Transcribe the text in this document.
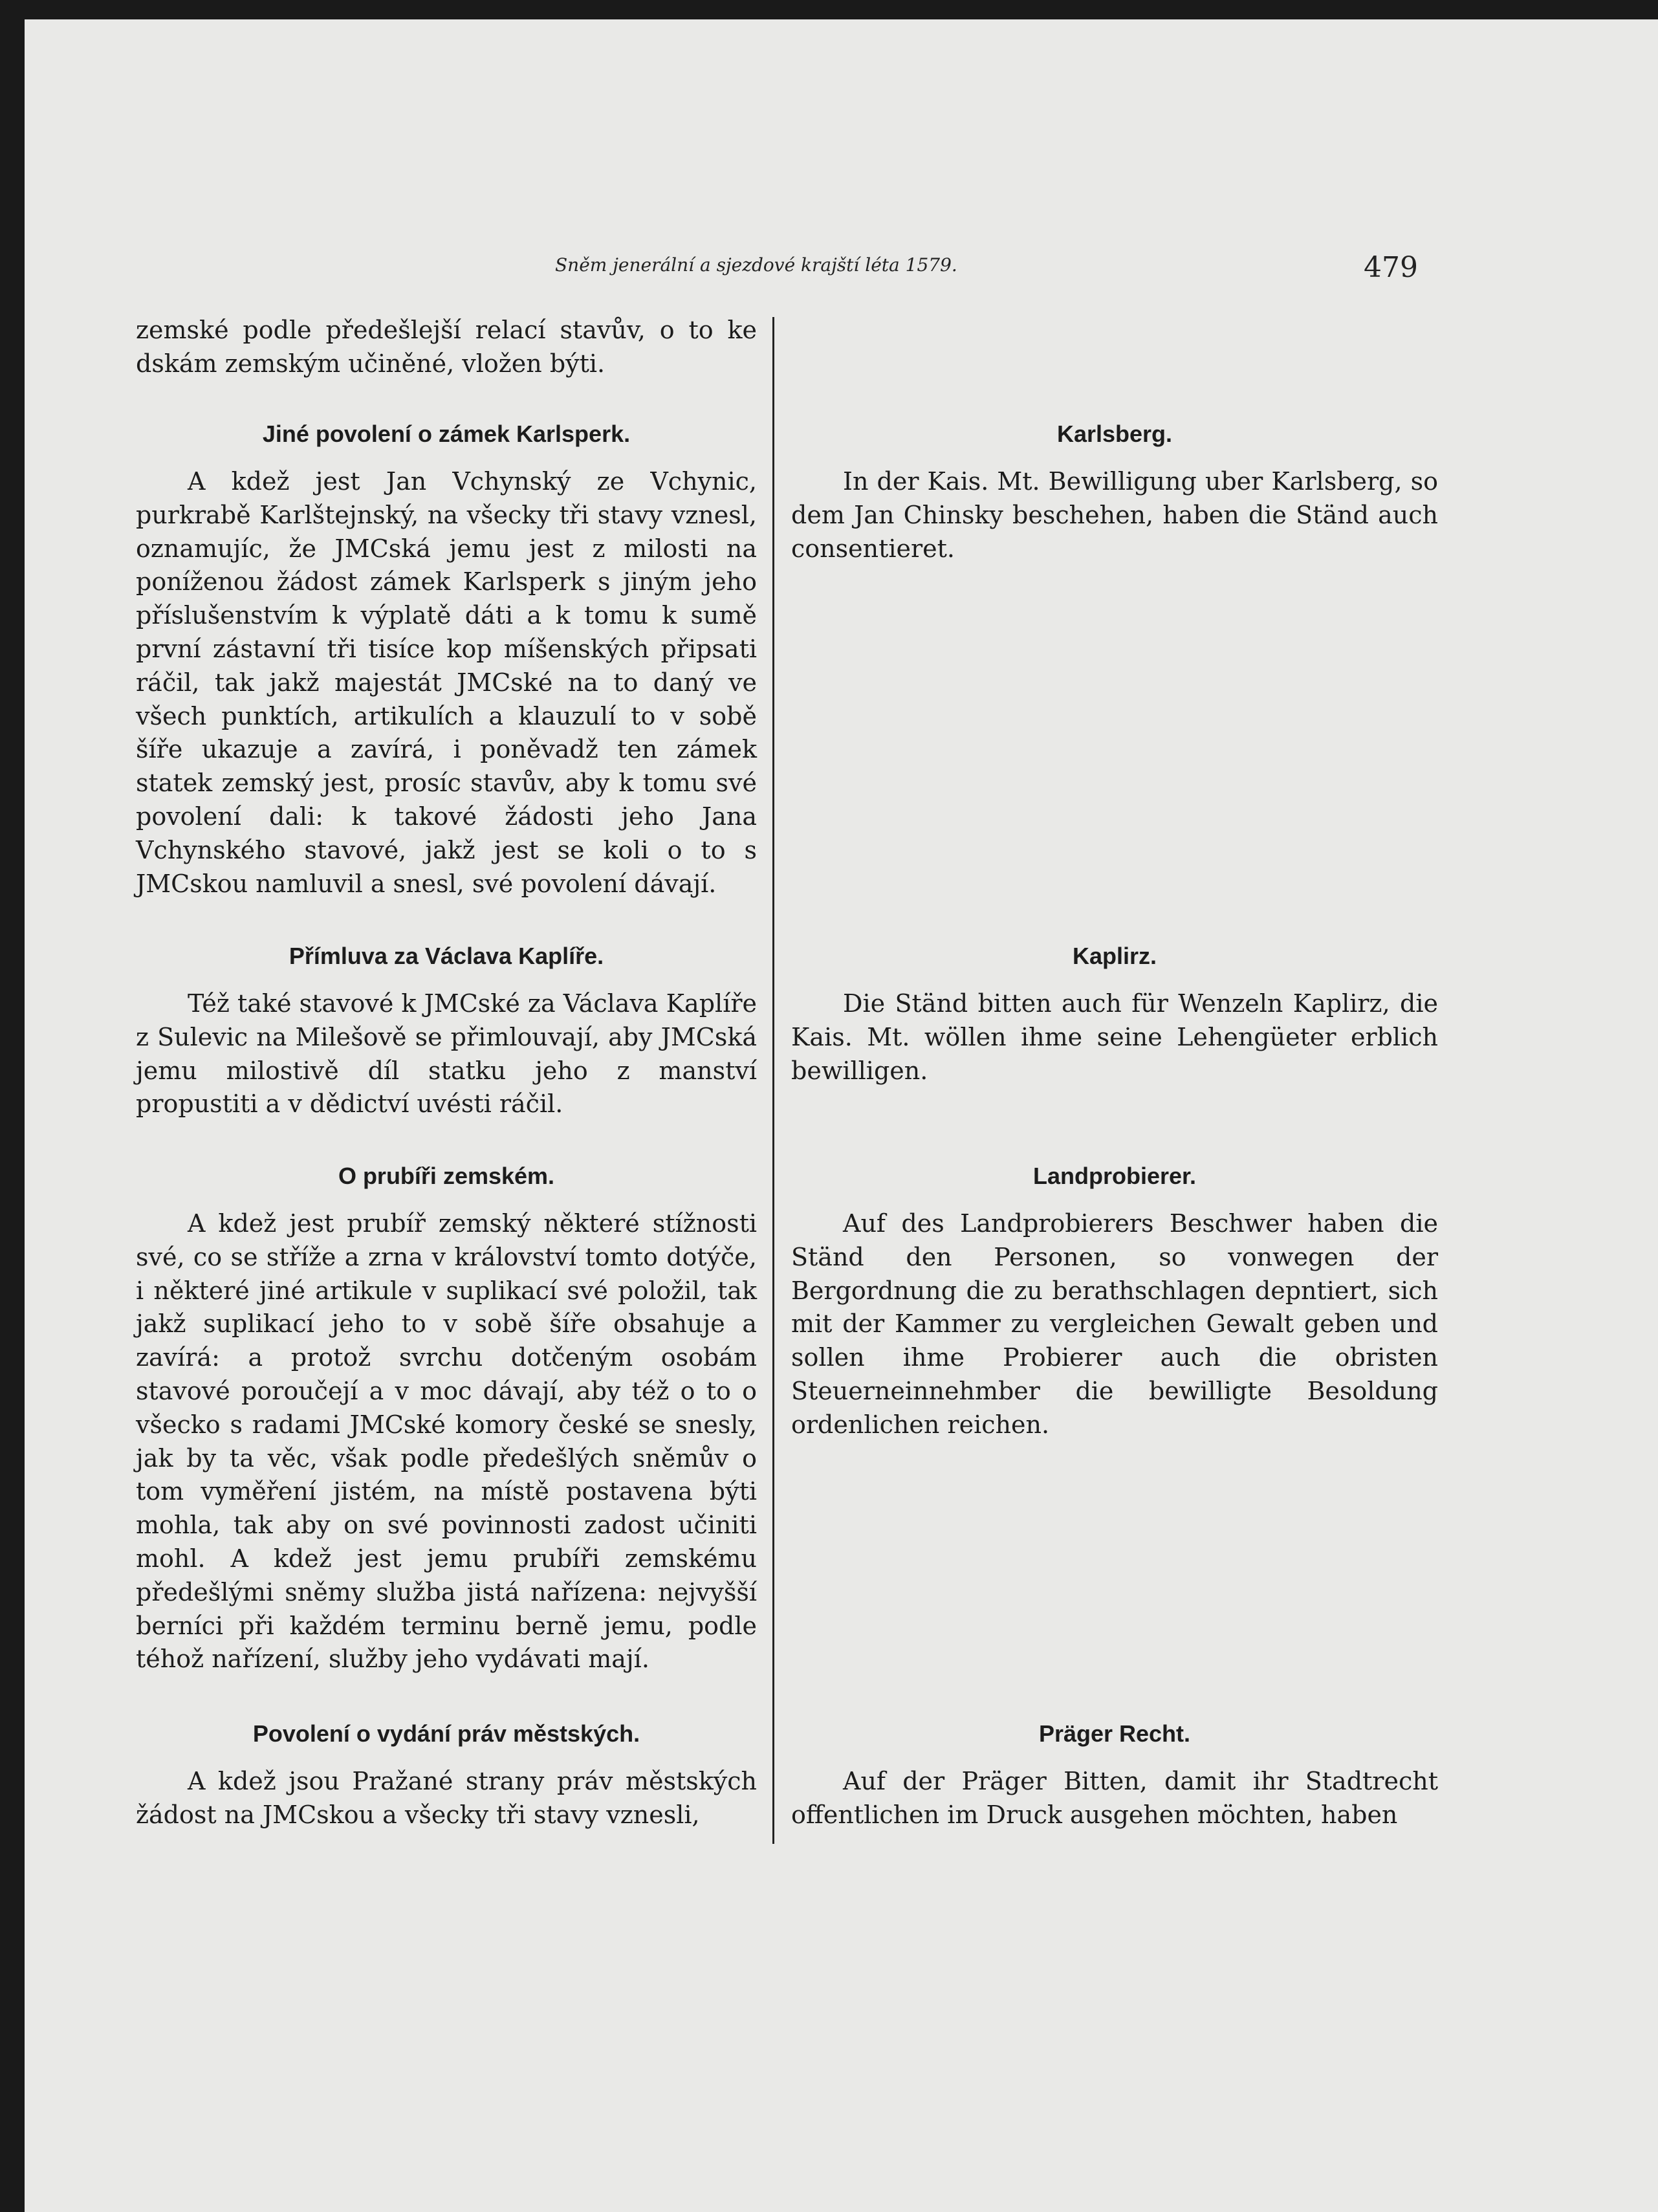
Sněm jenerální a sjezdové krajští léta 1579.	479

zemské podle předešlejší relací stavův, o to ke dskám zemským učiněné, vložen býti.

Jiné povolení o zámek Karlsperk.

A kdež jest Jan Vchynský ze Vchynic, purkrabě Karlštejnský, na všecky tři stavy vznesl, oznamujíc, že JMCská jemu jest z milosti na poníženou žádost zámek Karlsperk s jiným jeho příslušenstvím k výplatě dáti a k tomu k sumě první zástavní tři tisíce kop míšenských připsati ráčil, tak jakž majestát JMCské na to daný ve všech punktích, artikulích a klauzulí to v sobě šíře ukazuje a zavírá, i poněvadž ten zámek statek zemský jest, prosíc stavův, aby k tomu své povolení dali: k takové žádosti jeho Jana Vchynského stavové, jakž jest se koli o to s JMCskou namluvil a snesl, své povolení dávají.

Přímluva za Václava Kaplíře.

Též také stavové k JMCské za Václava Kaplíře z Sulevic na Milešově se přimlouvají, aby JMCská jemu milostivě díl statku jeho z manství propustiti a v dědictví uvésti ráčil.

O prubíři zemském.

A kdež jest prubíř zemský některé stížnosti své, co se stříže a zrna v království tomto dotýče, i některé jiné artikule v suplikací své položil, tak jakž suplikací jeho to v sobě šíře obsahuje a zavírá: a protož svrchu dotčeným osobám stavové poroučejí a v moc dávají, aby též o to o všecko s radami JMCské komory české se snesly, jak by ta věc, však podle předešlých sněmův o tom vyměření jistém, na místě postavena býti mohla, tak aby on své povinnosti zadost učiniti mohl. A kdež jest jemu prubíři zemskému předešlými sněmy služba jistá nařízena: nejvyšší berníci při každém terminu berně jemu, podle téhož nařízení, služby jeho vydávati mají.

Povolení o vydání práv městských.

A kdež jsou Pražané strany práv městských žádost na JMCskou a všecky tři stavy vznesli,

Karlsberg.

In der Kais. Mt. Bewilligung uber Karlsberg, so dem Jan Chinsky beschehen, haben die Ständ auch consentieret.

Kaplirz.

Die Ständ bitten auch für Wenzeln Kaplirz, die Kais. Mt. wöllen ihme seine Lehengüeter erblich bewilligen.

Landprobierer.

Auf des Landprobierers Beschwer haben die Ständ den Personen, so vonwegen der Bergordnung die zu berathschlagen depntiert, sich mit der Kammer zu vergleichen Gewalt geben und sollen ihme Probierer auch die obristen Steuerneinnehmber die bewilligte Besoldung ordenlichen reichen.

Präger Recht.

Auf der Präger Bitten, damit ihr Stadtrecht offentlichen im Druck ausgehen möchten, haben
